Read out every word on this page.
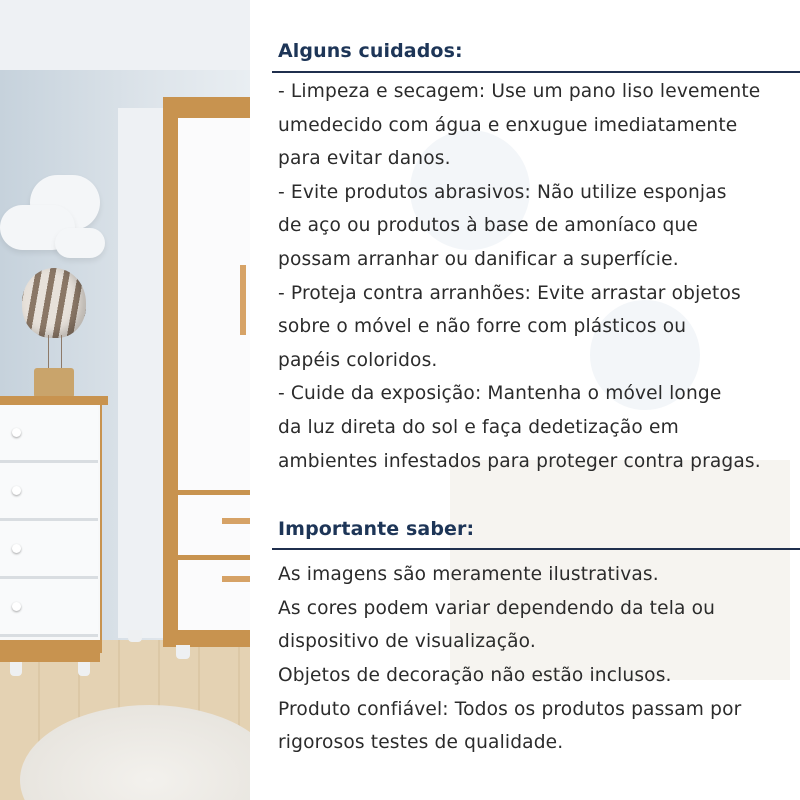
Alguns cuidados:

- Limpeza e secagem: Use um pano liso levemente

umedecido com água e enxugue imediatamente

para evitar danos.

- Evite produtos abrasivos: Não utilize esponjas

de aço ou produtos à base de amoníaco que

possam arranhar ou danificar a superfície.

- Proteja contra arranhões: Evite arrastar objetos

sobre o móvel e não forre com plásticos ou

papéis coloridos.

- Cuide da exposição: Mantenha o móvel longe

da luz direta do sol e faça dedetização em

ambientes infestados para proteger contra pragas.

Importante saber:

As imagens são meramente ilustrativas.

As cores podem variar dependendo da tela ou

dispositivo de visualização.

Objetos de decoração não estão inclusos.

Produto confiável: Todos os produtos passam por

rigorosos testes de qualidade.
